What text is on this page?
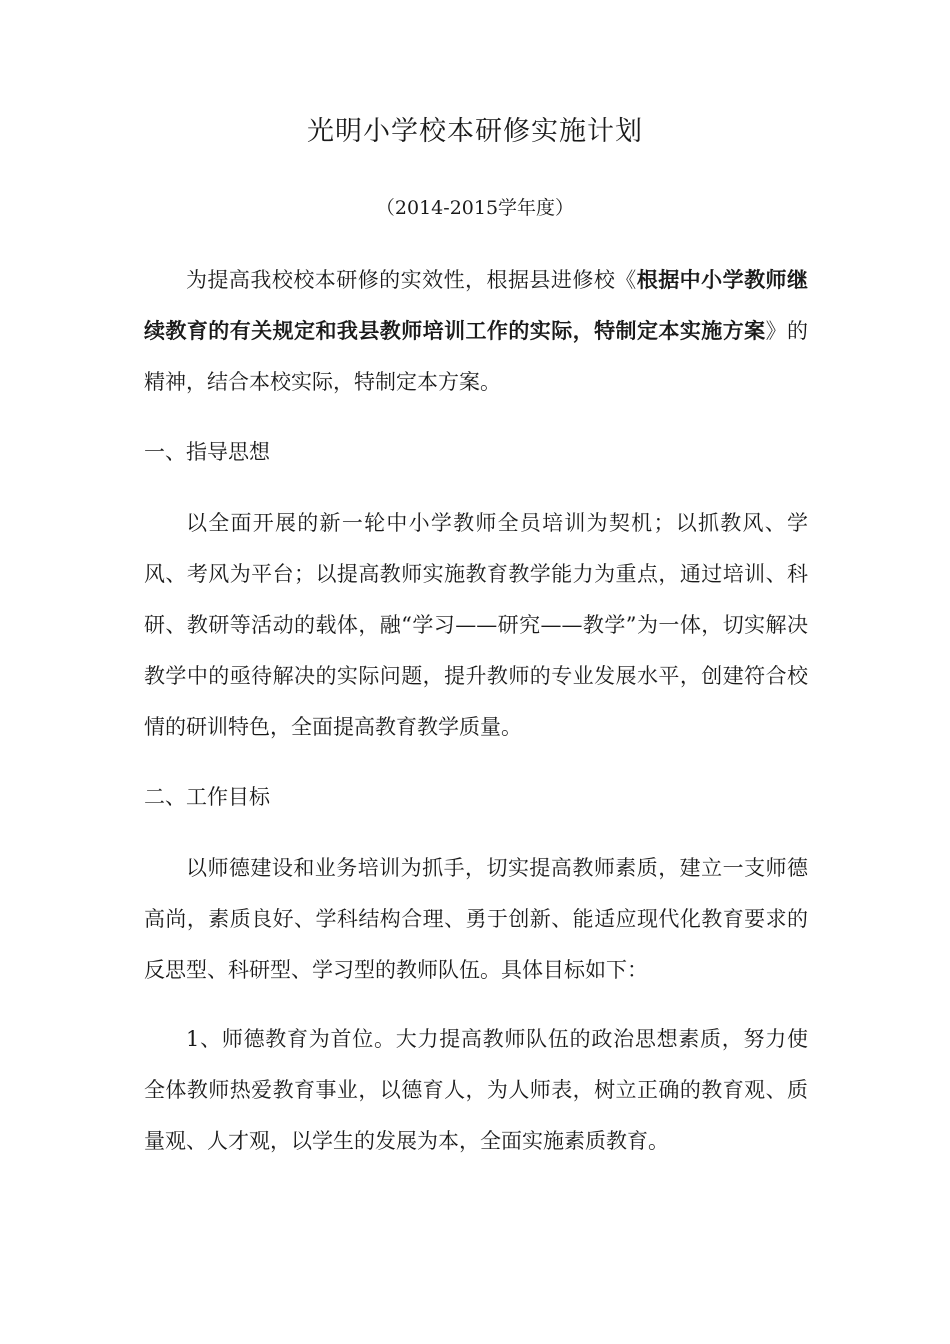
光明小学校本研修实施计划
（2014-2015学年度）
为提高我校校本研修的实效性，根据县进修校《根据中小学教师继续教育的有关规定和我县教师培训工作的实际，特制定本实施方案》的精神，结合本校实际，特制定本方案。
一、指导思想
以全面开展的新一轮中小学教师全员培训为契机；以抓教风、学风、考风为平台；以提高教师实施教育教学能力为重点，通过培训、科研、教研等活动的载体，融“学习——研究——教学”为一体，切实解决教学中的亟待解决的实际问题，提升教师的专业发展水平，创建符合校情的研训特色，全面提高教育教学质量。
二、工作目标
以师德建设和业务培训为抓手，切实提高教师素质，建立一支师德高尚，素质良好、学科结构合理、勇于创新、能适应现代化教育要求的反思型、科研型、学习型的教师队伍。具体目标如下：
1、师德教育为首位。大力提高教师队伍的政治思想素质，努力使全体教师热爱教育事业，以德育人，为人师表，树立正确的教育观、质量观、人才观，以学生的发展为本，全面实施素质教育。
